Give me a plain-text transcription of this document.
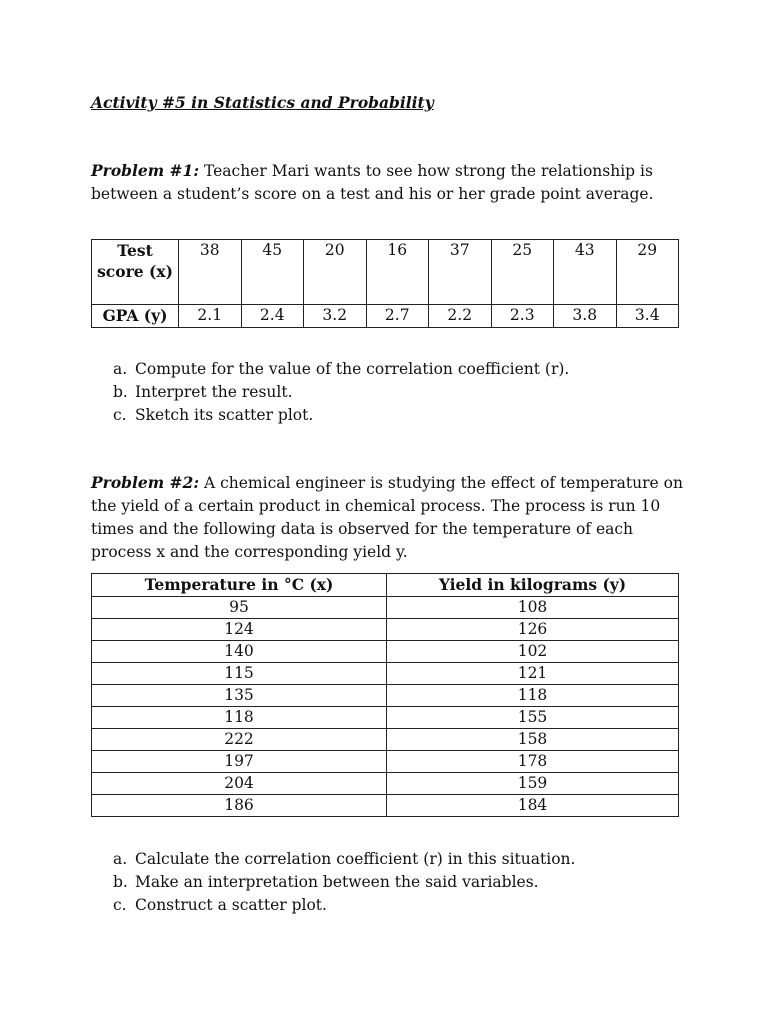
Activity #5 in Statistics and Probability

Problem #1: Teacher Mari wants to see how strong the relationship is between a student’s score on a test and his or her grade point average.

Test score (x)	38	45	20	16	37	25	43	29
GPA (y)	2.1	2.4	3.2	2.7	2.2	2.3	3.8	3.4
a. Compute for the value of the correlation coefficient (r).
b. Interpret the result.
c. Sketch its scatter plot.

Problem #2: A chemical engineer is studying the effect of temperature on the yield of a certain product in chemical process. The process is run 10 times and the following data is observed for the temperature of each process x and the corresponding yield y.

Temperature in °C (x)	Yield in kilograms (y)
95	108
124	126
140	102
115	121
135	118
118	155
222	158
197	178
204	159
186	184
a. Calculate the correlation coefficient (r) in this situation.
b. Make an interpretation between the said variables.
c. Construct a scatter plot.
